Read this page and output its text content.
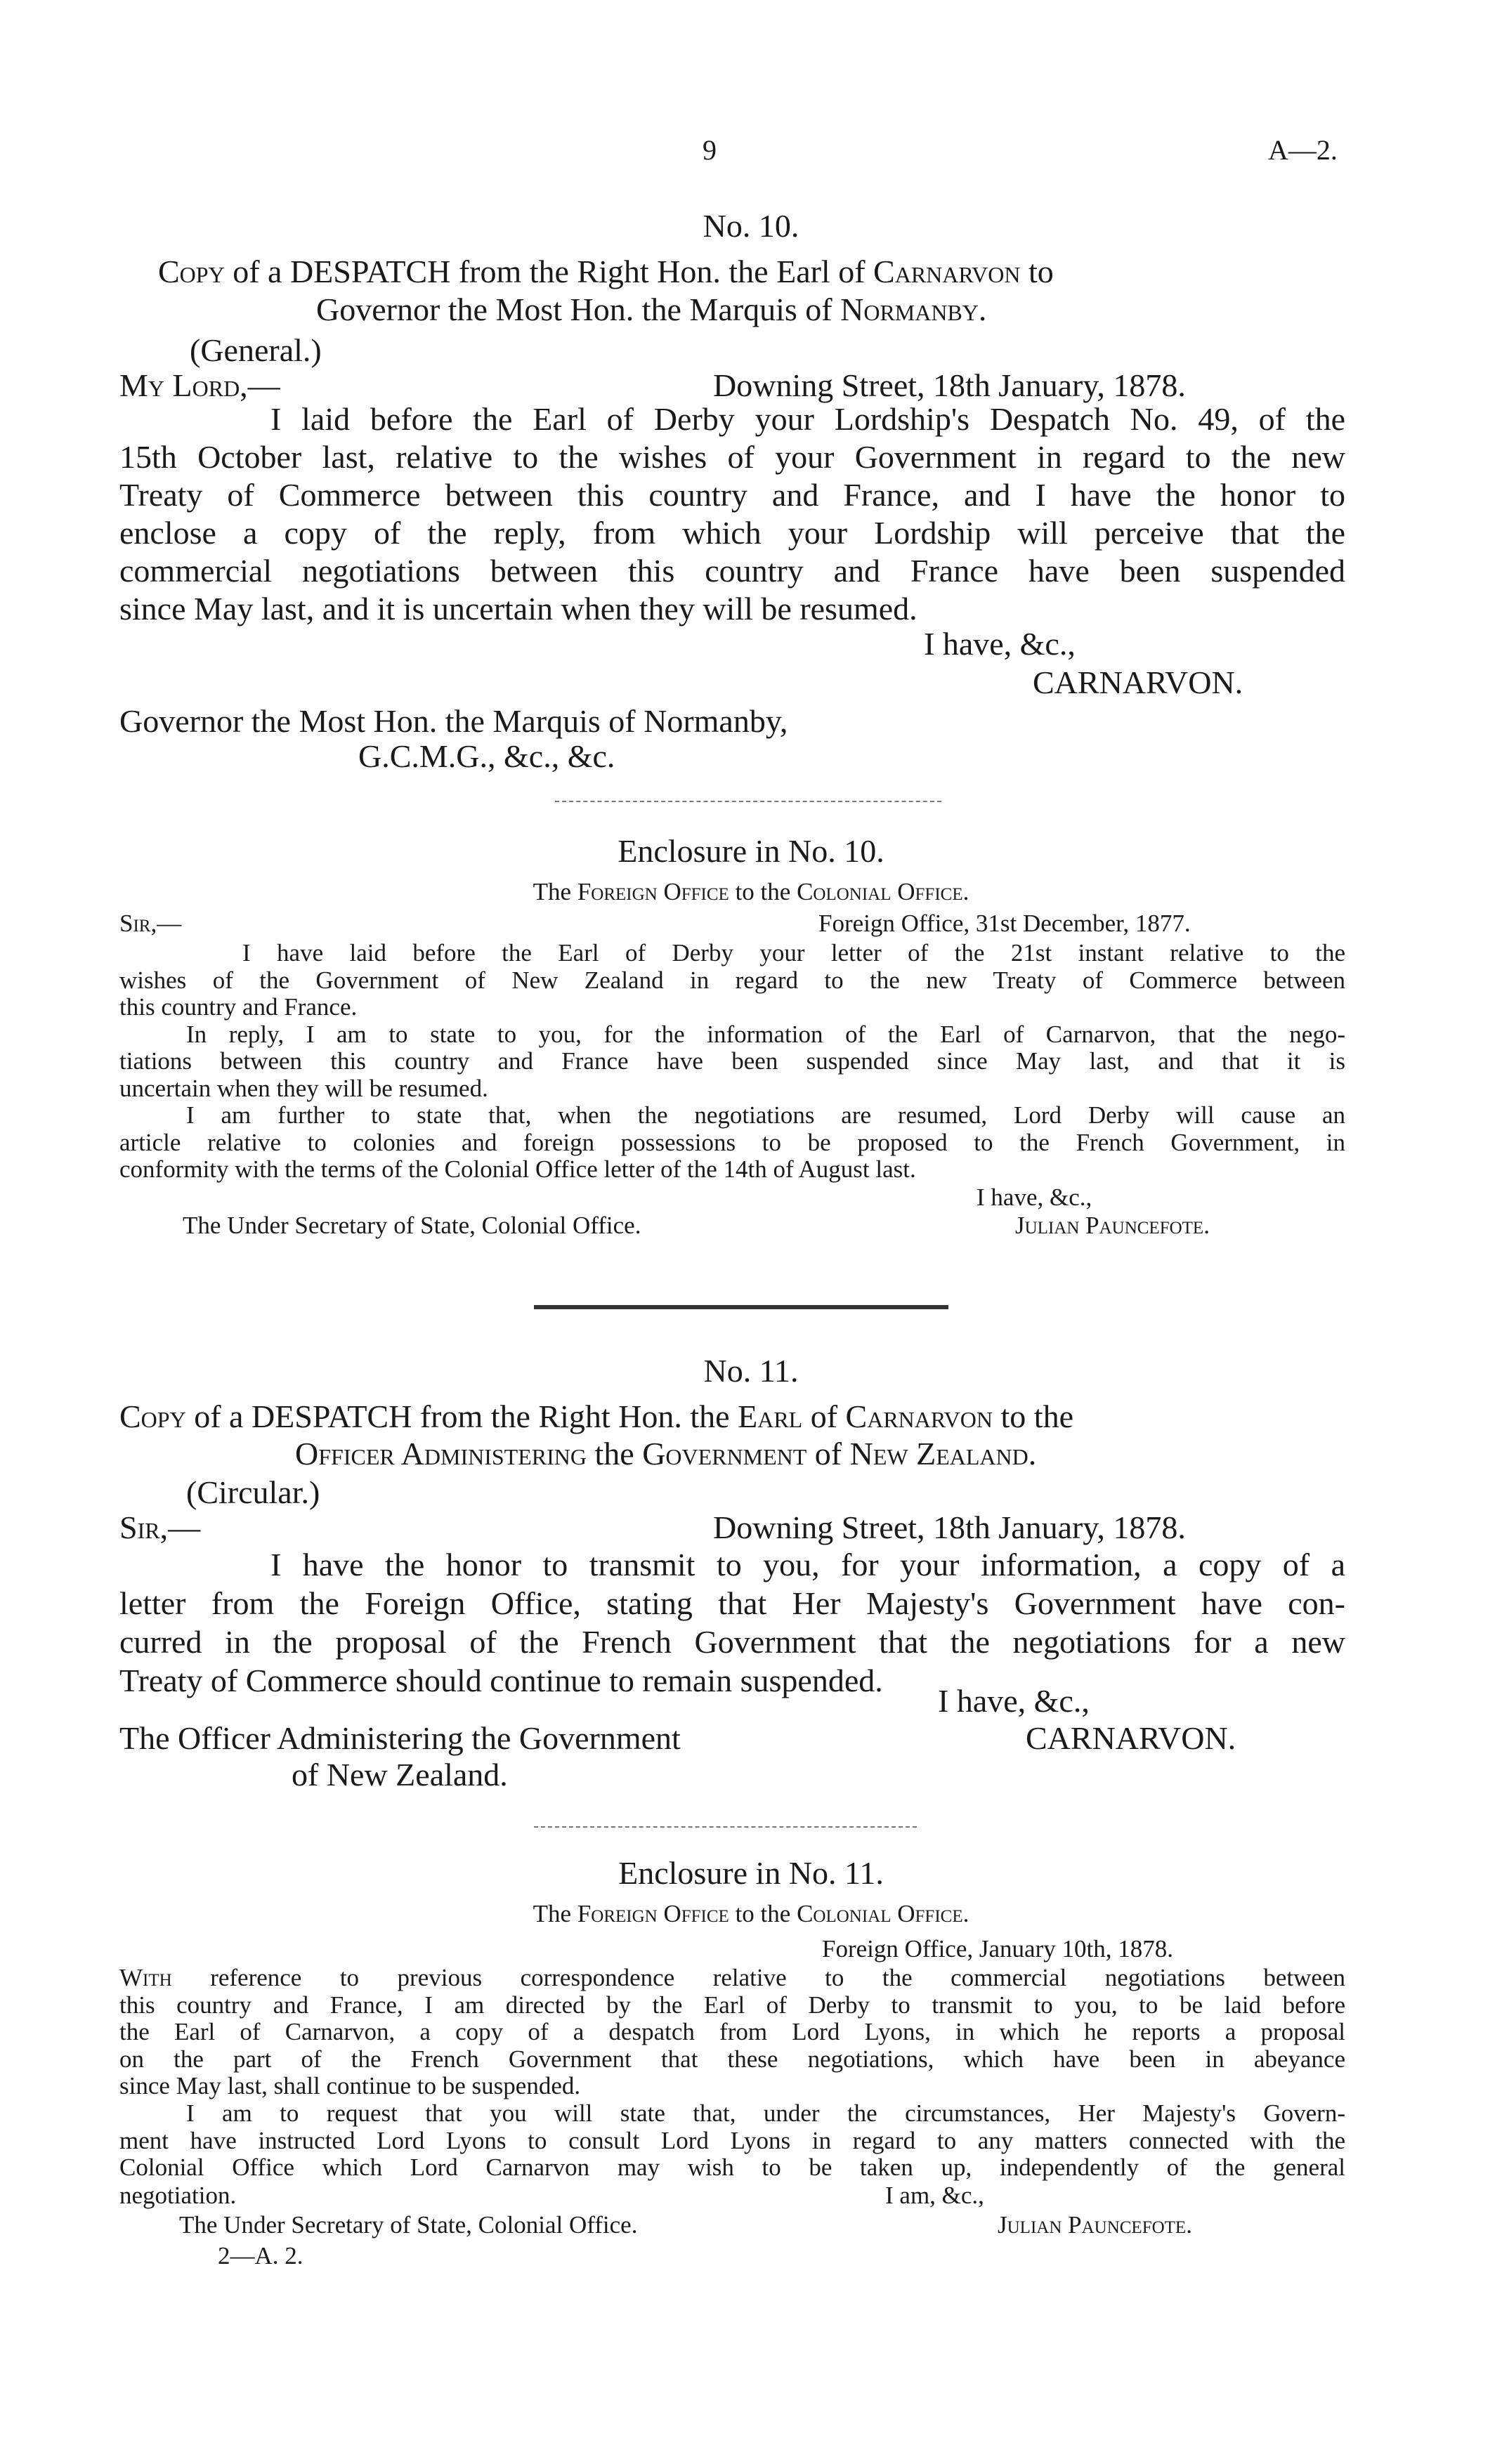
9	A—2.
No. 10.
Copy of a DESPATCH from the Right Hon. the Earl of Carnarvon to
Governor the Most Hon. the Marquis of Normanby.
(General.)
My Lord,—	Downing Street, 18th January, 1878.
I laid before the Earl of Derby your Lordship's Despatch No. 49, of the
15th October last, relative to the wishes of your Government in regard to the new
Treaty of Commerce between this country and France, and I have the honor to
enclose a copy of the reply, from which your Lordship will perceive that the
commercial negotiations between this country and France have been suspended
since May last, and it is uncertain when they will be resumed.
I have, &c.,
CARNARVON.
Governor the Most Hon. the Marquis of Normanby,
G.C.M.G., &c., &c.
Enclosure in No. 10.
The Foreign Office to the Colonial Office.
Sir,—	Foreign Office, 31st December, 1877.
I have laid before the Earl of Derby your letter of the 21st instant relative to the
wishes of the Government of New Zealand in regard to the new Treaty of Commerce between
this country and France.
In reply, I am to state to you, for the information of the Earl of Carnarvon, that the nego-
tiations between this country and France have been suspended since May last, and that it is
uncertain when they will be resumed.
I am further to state that, when the negotiations are resumed, Lord Derby will cause an
article relative to colonies and foreign possessions to be proposed to the French Government, in
conformity with the terms of the Colonial Office letter of the 14th of August last.
I have, &c.,
The Under Secretary of State, Colonial Office.	Julian Pauncefote.
No. 11.
Copy of a DESPATCH from the Right Hon. the Earl of Carnarvon to the
Officer Administering the Government of New Zealand.
(Circular.)
Sir,—	Downing Street, 18th January, 1878.
I have the honor to transmit to you, for your information, a copy of a
letter from the Foreign Office, stating that Her Majesty's Government have con-
curred in the proposal of the French Government that the negotiations for a new
Treaty of Commerce should continue to remain suspended.
I have, &c.,
The Officer Administering the Government	CARNARVON.
of New Zealand.
Enclosure in No. 11.
The Foreign Office to the Colonial Office.
Foreign Office, January 10th, 1878.
With reference to previous correspondence relative to the commercial negotiations between
this country and France, I am directed by the Earl of Derby to transmit to you, to be laid before
the Earl of Carnarvon, a copy of a despatch from Lord Lyons, in which he reports a proposal
on the part of the French Government that these negotiations, which have been in abeyance
since May last, shall continue to be suspended.
I am to request that you will state that, under the circumstances, Her Majesty's Govern-
ment have instructed Lord Lyons to consult Lord Lyons in regard to any matters connected with the
Colonial Office which Lord Carnarvon may wish to be taken up, independently of the general
negotiation.	I am, &c.,
The Under Secretary of State, Colonial Office.	Julian Pauncefote.
2—A. 2.
